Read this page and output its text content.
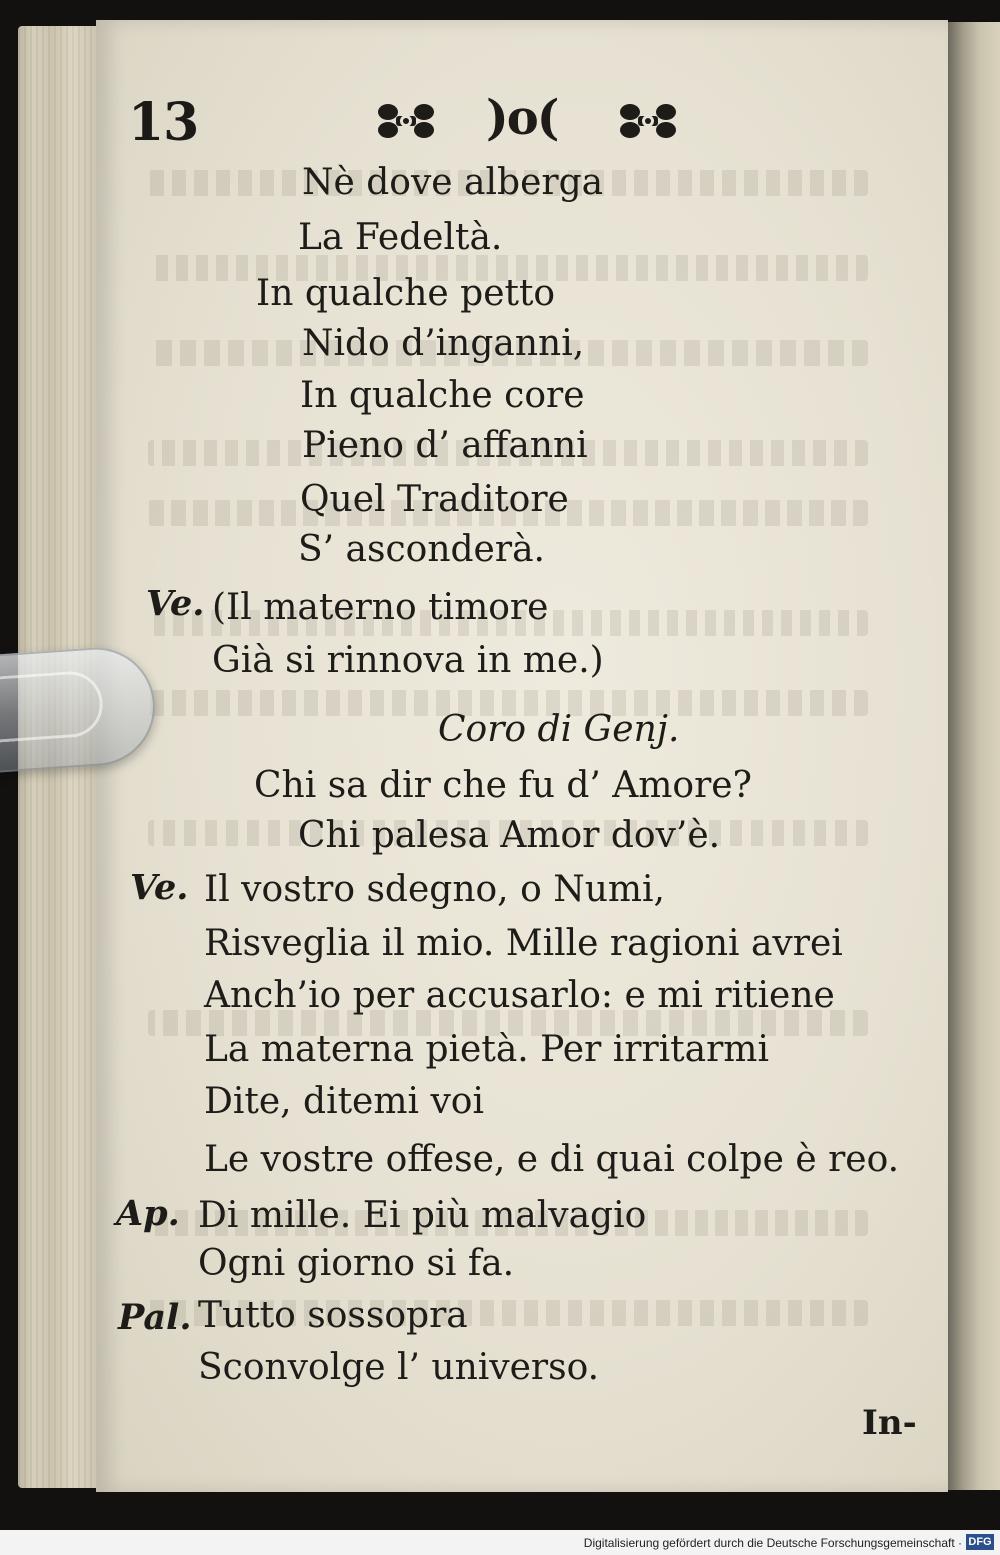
13	)o(
Nè dove alberga
La Fedeltà.
In qualche petto
Nido d’inganni,
In qualche core
Pieno d’ affanni
Quel Traditore
S’ asconderà.
Ve. (Il materno timore
Già si rinnova in me.)
Coro di Genj.
Chi sa dir che fu d’ Amore?
Chi palesa Amor dov’è.
Ve. Il vostro sdegno, o Numi,
Risveglia il mio. Mille ragioni avrei
Anch’io per accusarlo: e mi ritiene
La materna pietà. Per irritarmi
Dite, ditemi voi
Le vostre offese, e di quai colpe è reo.
Ap. Di mille. Ei più malvagio
Ogni giorno si fa.
Pal. Tutto sossopra
Sconvolge l’ universo.
In-
Digitalisierung gefördert durch die Deutsche Forschungsgemeinschaft · DFG
